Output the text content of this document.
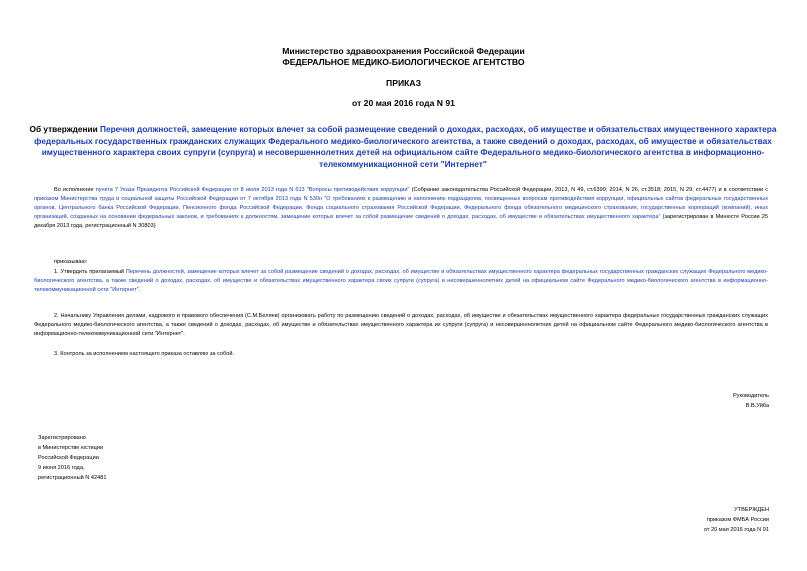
Министерство здравоохранения Российской Федерации
ФЕДЕРАЛЬНОЕ МЕДИКО-БИОЛОГИЧЕСКОЕ АГЕНТСТВО
ПРИКАЗ
от 20 мая 2016 года N 91
Об утверждении Перечня должностей, замещение которых влечет за собой размещение сведений о доходах, расходах, об имуществе и обязательствах имущественного характера федеральных государственных гражданских служащих Федерального медико-биологического агентства, а также сведений о доходах, расходах, об имуществе и обязательствах имущественного характера своих супруги (супруга) и несовершеннолетних детей на официальном сайте Федерального медико-биологического агентства в информационно-телекоммуникационной сети "Интернет"
Во исполнение пункта 7 Указа Президента Российской Федерации от 8 июля 2013 года N 613 "Вопросы противодействия коррупции" (Собрание законодательства Российской Федерации, 2013, N 49, ст.6399; 2014, N 26, ст.3518; 2015, N 29, ст.4477) и в соответствии с приказом Министерства труда и социальной защиты Российской Федерации от 7 октября 2013 года N 530н "О требованиях к размещению и наполнению подразделов, посвященных вопросам противодействия коррупции, официальных сайтов федеральных государственных органов, Центрального банка Российской Федерации, Пенсионного фонда Российской Федерации, Фонда социального страхования Российской Федерации, Федерального фонда обязательного медицинского страхования, государственных корпораций (компаний), иных организаций, созданных на основании федеральных законов, и требованиях к должностям, замещение которых влечет за собой размещение сведений о доходах, расходах, об имуществе и обязательствах имущественного характера" (зарегистрирован в Минюсте России 25 декабря 2013 года, регистрационный N 30803)
приказываю:
1. Утвердить прилагаемый Перечень должностей, замещение которых влечет за собой размещение сведений о доходах, расходах, об имуществе и обязательствах имущественного характера федеральных государственных гражданских служащих Федерального медико-биологического агентства, а также сведений о доходах, расходах, об имуществе и обязательствах имущественного характера своих супруги (супруга) и несовершеннолетних детей на официальном сайте Федерального медико-биологического агентства в информационно-телекоммуникационной сети "Интернет".
2. Начальнику Управления делами, кадрового и правового обеспечения (С.М.Беляев) организовать работу по размещению сведений о доходах, расходах, об имуществе и обязательствах имущественного характера федеральных государственных гражданских служащих Федерального медико-биологического агентства, а также сведений о доходах, расходах, об имуществе и обязательствах имущественного характера их супруги (супруга) и несовершеннолетних детей на официальном сайте Федерального медико-биологического агентства в информационно-телекоммуникационной сети "Интернет".
3. Контроль за исполнением настоящего приказа оставляю за собой.
Руководитель
В.В.Уйба
Зарегистрировано
в Министерстве юстиции
Российской Федерации
9 июня 2016 года,
регистрационный N 42481
УТВЕРЖДЕН
приказом ФМБА России
от 20 мая 2016 года N 91
